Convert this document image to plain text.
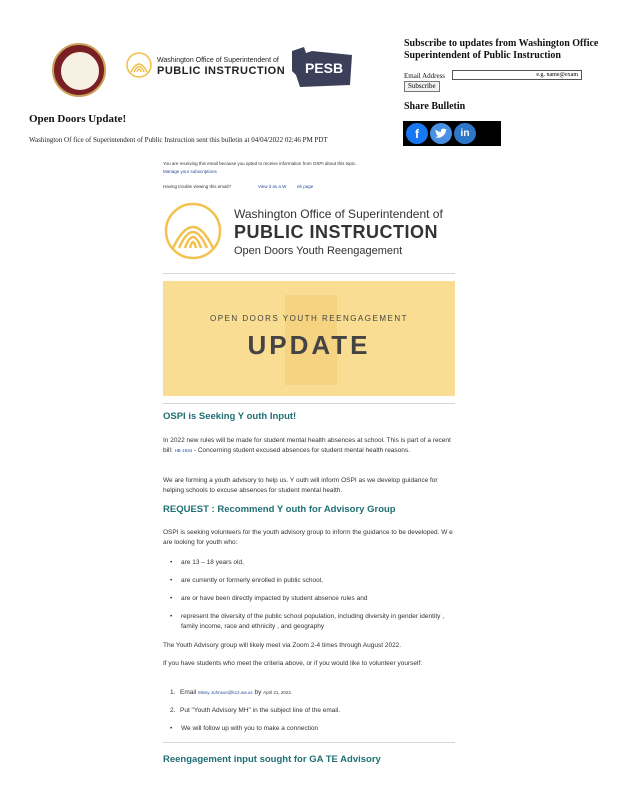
Washington Office of Superintendent of
PUBLIC INSTRUCTION PESB
Subscribe to updates from Washington Office Superintendent of Public Instruction
Email Address
e.g. name@exam
Subscribe
Share Bulletin
f	in
Open Doors Update!
Washington Of fice of Superintendent of Public Instruction sent this bulletin at 04/04/2022 02:46 PM PDT
You are receiving this email because you opted to receive information from OSPI about this topic.
Manage your subscriptions
Having trouble viewing this email?	View it as a W eb page
Washington Office of Superintendent of
PUBLIC INSTRUCTION
Open Doors Youth Reengagement
OPEN DOORS YOUTH REENGAGEMENT
UPDATE
OSPI is Seeking Y outh Input!
In 2022 new rules will be made for student mental health absences at school. This is part of a recent bill: HB 1834 - Concerning student excused absences for student mental health reasons.
We are forming a youth advisory to help us. Y outh will inform OSPI as we develop guidance for helping schools to excuse absences for student mental health.
REQUEST : Recommend Y outh for Advisory Group
OSPI is seeking volunteers for the youth advisory group to inform the guidance to be developed. W e are looking for youth who:
• are 13 – 18 years old,
• are currently or formerly enrolled in public school,
• are or have been directly impacted by student absence rules and
• represent the diversity of the public school population, including diversity in gender identity , family income, race and ethnicity , and geography
The Youth Advisory group will likely meet via Zoom 2-4 times through August 2022.
If you have students who meet the criteria above, or if you would like to volunteer yourself:
1. Email Missy Johnson@k12.wa.us by April 21, 2022.
2. Put "Youth Advisory MH" in the subject line of the email.
• We will follow up with you to make a connection
Reengagement input sought for GA TE Advisory
